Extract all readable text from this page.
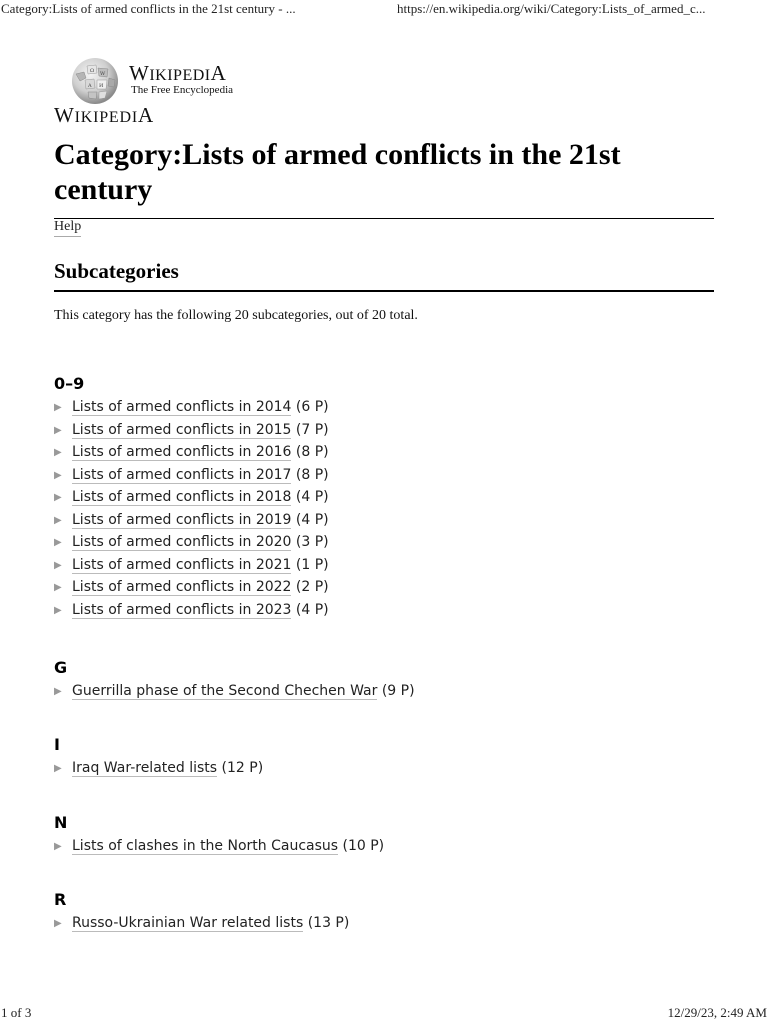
Category:Lists of armed conflicts in the 21st century - ...	https://en.wikipedia.org/wiki/Category:Lists_of_armed_c...
Ω W
И
A
WIKIPEDIA
The Free Encyclopedia
WIKIPEDIA
Category:Lists of armed conflicts in the 21st century
Help
Subcategories

This category has the following 20 subcategories, out of 20 total.

0–9
▶ Lists of armed conflicts in 2014 (6 P)
▶ Lists of armed conflicts in 2015 (7 P)
▶ Lists of armed conflicts in 2016 (8 P)
▶ Lists of armed conflicts in 2017 (8 P)
▶ Lists of armed conflicts in 2018 (4 P)
▶ Lists of armed conflicts in 2019 (4 P)
▶ Lists of armed conflicts in 2020 (3 P)
▶ Lists of armed conflicts in 2021 (1 P)
▶ Lists of armed conflicts in 2022 (2 P)
▶ Lists of armed conflicts in 2023 (4 P)
G
▶ Guerrilla phase of the Second Chechen War (9 P)
I
▶ Iraq War-related lists (12 P)
N
▶ Lists of clashes in the North Caucasus (10 P)
R
▶ Russo-Ukrainian War related lists (13 P)
1 of 3	12/29/23, 2:49 AM
